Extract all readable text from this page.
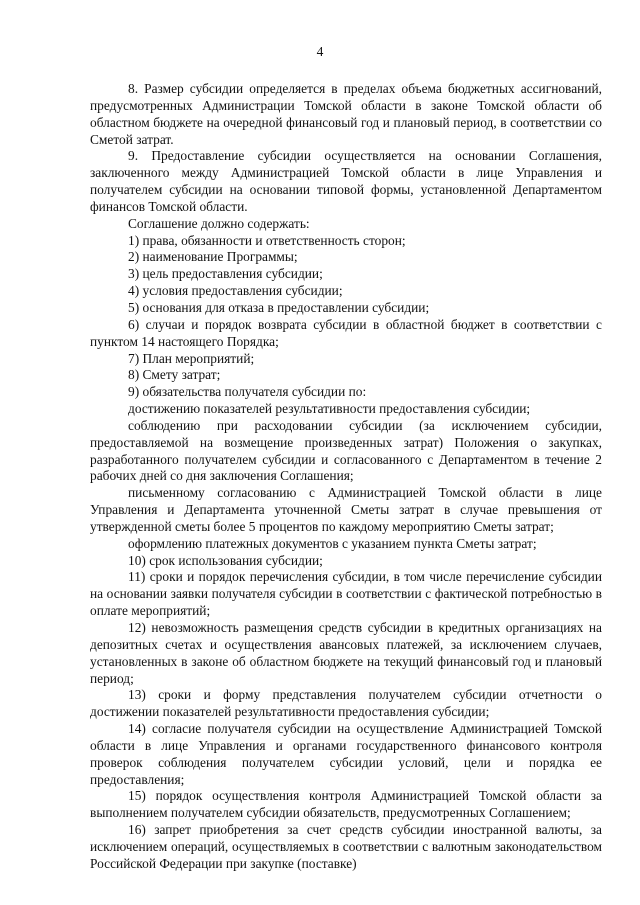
4

8. Размер субсидии определяется в пределах объема бюджетных ассигнований, предусмотренных Администрации Томской области в законе Томской области об областном бюджете на очередной финансовый год и плановый период, в соответствии со Сметой затрат.

9. Предоставление субсидии осуществляется на основании Соглашения, заключенного между Администрацией Томской области в лице Управления и получателем субсидии на основании типовой формы, установленной Департаментом финансов Томской области.

Соглашение должно содержать:

1) права, обязанности и ответственность сторон;

2) наименование Программы;

3) цель предоставления субсидии;

4) условия предоставления субсидии;

5) основания для отказа в предоставлении субсидии;

6) случаи и порядок возврата субсидии в областной бюджет в соответствии с пунктом 14 настоящего Порядка;

7) План мероприятий;

8) Смету затрат;

9) обязательства получателя субсидии по:

достижению показателей результативности предоставления субсидии;

соблюдению при расходовании субсидии (за исключением субсидии, предоставляемой на возмещение произведенных затрат) Положения о закупках, разработанного получателем субсидии и согласованного с Департаментом в течение 2 рабочих дней со дня заключения Соглашения;

письменному согласованию с Администрацией Томской области в лице Управления и Департамента уточненной Сметы затрат в случае превышения от утвержденной сметы более 5 процентов по каждому мероприятию Сметы затрат;

оформлению платежных документов с указанием пункта Сметы затрат;

10) срок использования субсидии;

11) сроки и порядок перечисления субсидии, в том числе перечисление субсидии на основании заявки получателя субсидии в соответствии с фактической потребностью в оплате мероприятий;

12) невозможность размещения средств субсидии в кредитных организациях на депозитных счетах и осуществления авансовых платежей, за исключением случаев, установленных в законе об областном бюджете на текущий финансовый год и плановый период;

13) сроки и форму представления получателем субсидии отчетности о достижении показателей результативности предоставления субсидии;

14) согласие получателя субсидии на осуществление Администрацией Томской области в лице Управления и органами государственного финансового контроля проверок соблюдения получателем субсидии условий, цели и порядка ее предоставления;

15) порядок осуществления контроля Администрацией Томской области за выполнением получателем субсидии обязательств, предусмотренных Соглашением;

16) запрет приобретения за счет средств субсидии иностранной валюты, за исключением операций, осуществляемых в соответствии с валютным законодательством Российской Федерации при закупке (поставке)
